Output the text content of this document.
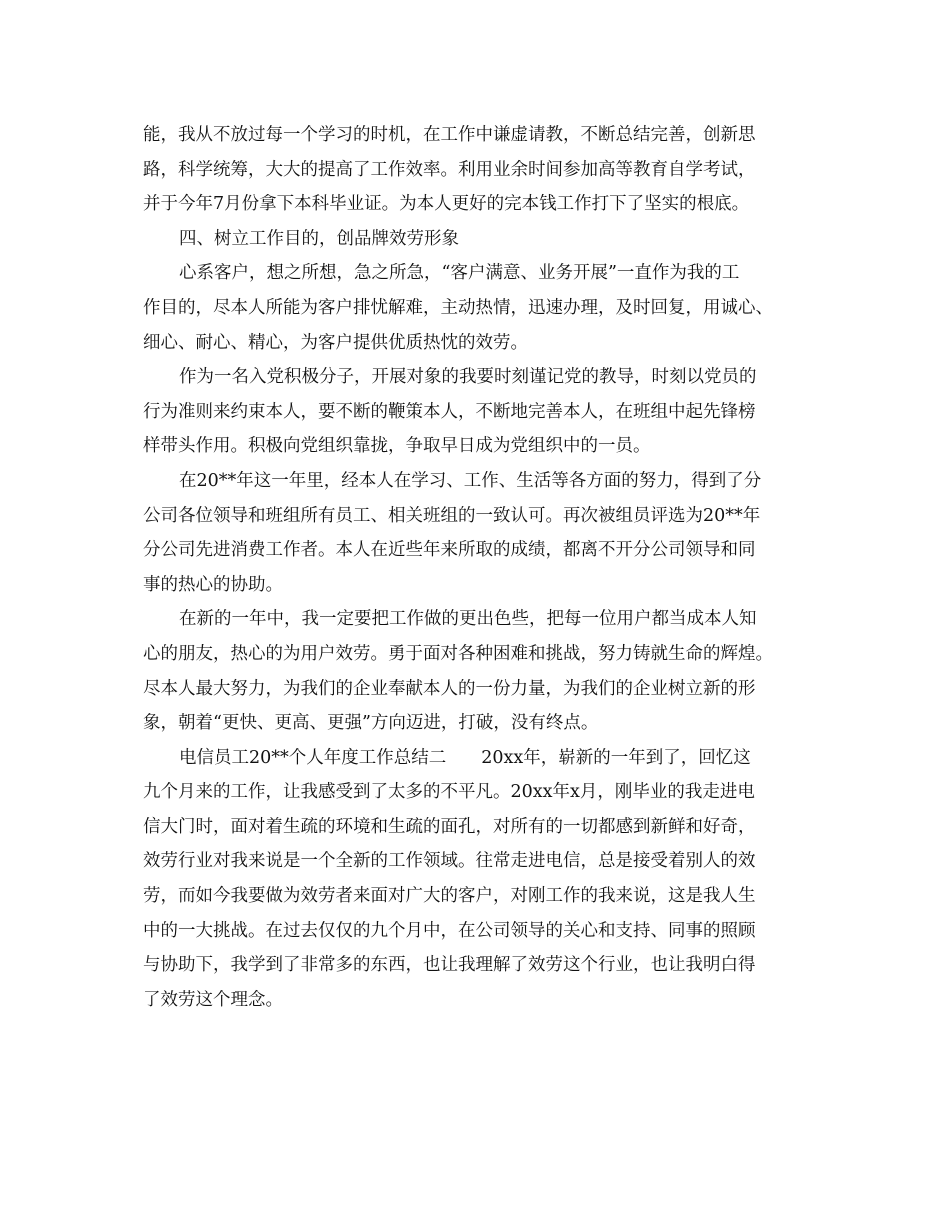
能，我从不放过每一个学习的时机，在工作中谦虚请教，不断总结完善，创新思
路，科学统筹，大大的提高了工作效率。利用业余时间参加高等教育自学考试，
并于今年7月份拿下本科毕业证。为本人更好的完本钱工作打下了坚实的根底。
四、树立工作目的，创品牌效劳形象
心系客户，想之所想，急之所急，“客户满意、业务开展”一直作为我的工
作目的，尽本人所能为客户排忧解难，主动热情，迅速办理，及时回复，用诚心、
细心、耐心、精心，为客户提供优质热忱的效劳。
作为一名入党积极分子，开展对象的我要时刻谨记党的教导，时刻以党员的
行为准则来约束本人，要不断的鞭策本人，不断地完善本人，在班组中起先锋榜
样带头作用。积极向党组织靠拢，争取早日成为党组织中的一员。
在20**年这一年里，经本人在学习、工作、生活等各方面的努力，得到了分
公司各位领导和班组所有员工、相关班组的一致认可。再次被组员评选为20**年
分公司先进消费工作者。本人在近些年来所取的成绩，都离不开分公司领导和同
事的热心的协助。
在新的一年中，我一定要把工作做的更出色些，把每一位用户都当成本人知
心的朋友，热心的为用户效劳。勇于面对各种困难和挑战，努力铸就生命的辉煌。
尽本人最大努力，为我们的企业奉献本人的一份力量，为我们的企业树立新的形
象，朝着“更快、更高、更强”方向迈进，打破，没有终点。
电信员工20**个人年度工作总结二　　20xx年，崭新的一年到了，回忆这
九个月来的工作，让我感受到了太多的不平凡。20xx年x月，刚毕业的我走进电
信大门时，面对着生疏的环境和生疏的面孔，对所有的一切都感到新鲜和好奇，
效劳行业对我来说是一个全新的工作领域。往常走进电信，总是接受着别人的效
劳，而如今我要做为效劳者来面对广大的客户，对刚工作的我来说，这是我人生
中的一大挑战。在过去仅仅的九个月中，在公司领导的关心和支持、同事的照顾
与协助下，我学到了非常多的东西，也让我理解了效劳这个行业，也让我明白得
了效劳这个理念。
